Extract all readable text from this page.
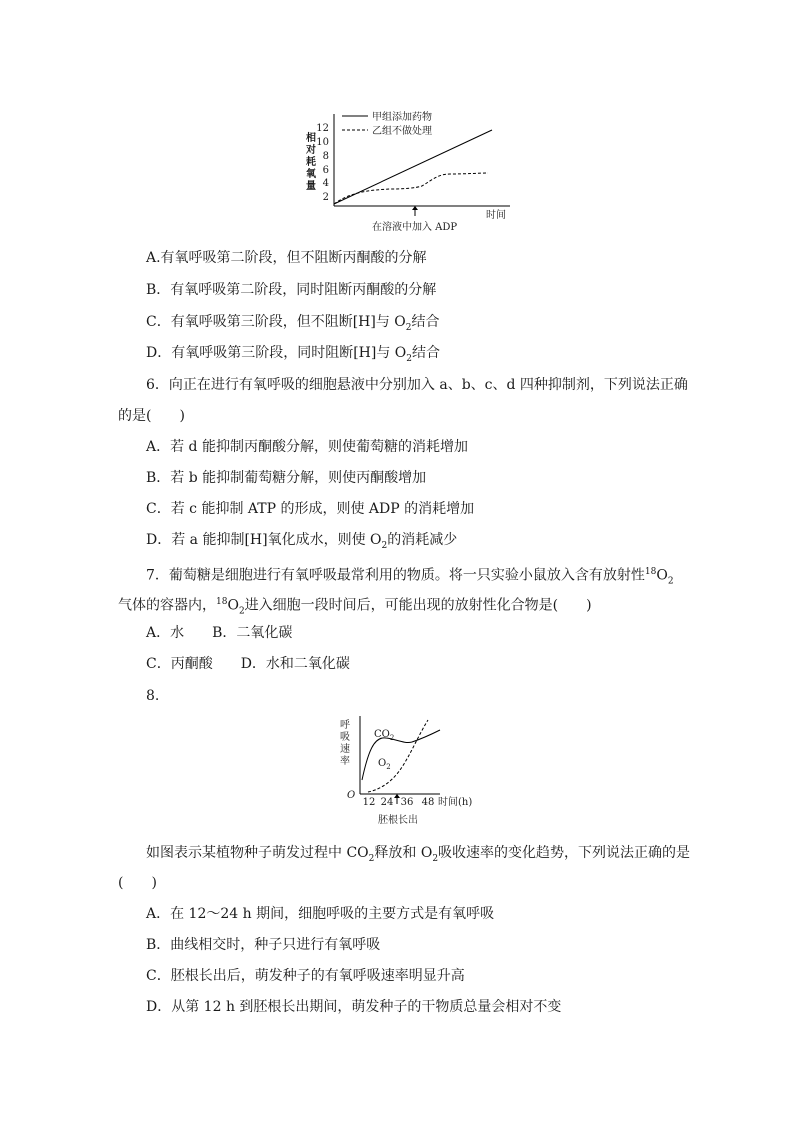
相
对
耗
氧
量
12
10
8
6
4
2
甲组添加药物
乙组不做处理
时间
在溶液中加入 ADP
A.有氧呼吸第二阶段，但不阻断丙酮酸的分解
B．有氧呼吸第二阶段，同时阻断丙酮酸的分解
C．有氧呼吸第三阶段，但不阻断[H]与 $O_2$结合
D．有氧呼吸第三阶段，同时阻断[H]与 $O_2$结合
6．向正在进行有氧呼吸的细胞悬液中分别加入 a、b、c、d 四种抑制剂，下列说法正确
的是(　　)
A．若 d 能抑制丙酮酸分解，则使葡萄糖的消耗增加
B．若 b 能抑制葡萄糖分解，则使丙酮酸增加
C．若 c 能抑制 ATP 的形成，则使 ADP 的消耗增加
D．若 a 能抑制[H]氧化成水，则使 $O_2$的消耗减少
7．葡萄糖是细胞进行有氧呼吸最常利用的物质。将一只实验小鼠放入含有放射性$^{18}O_2$
气体的容器内，$^{18}O_2$进入细胞一段时间后，可能出现的放射性化合物是(　　)
A．水　　B．二氧化碳
C．丙酮酸　　D．水和二氧化碳
8.
呼
吸
速
率
O
$CO_2$
$O_2$
12 24 36 48 时间(h)
胚根长出
如图表示某植物种子萌发过程中 $CO_2$释放和 $O_2$吸收速率的变化趋势，下列说法正确的是
(　　)
A．在 12～24 h 期间，细胞呼吸的主要方式是有氧呼吸
B．曲线相交时，种子只进行有氧呼吸
C．胚根长出后，萌发种子的有氧呼吸速率明显升高
D．从第 12 h 到胚根长出期间，萌发种子的干物质总量会相对不变
